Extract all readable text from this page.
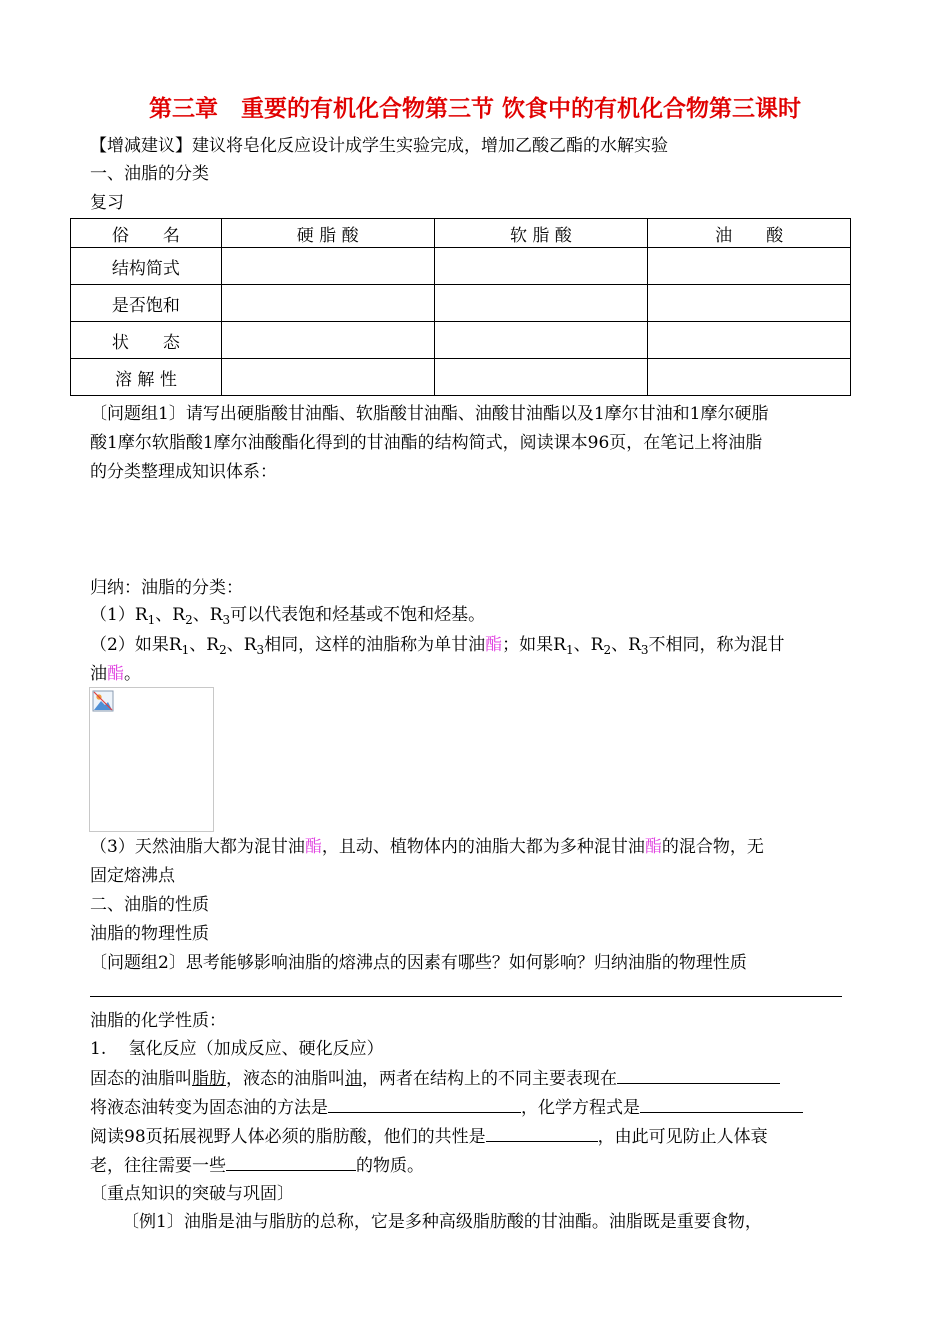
第三章　重要的有机化合物第三节 饮食中的有机化合物第三课时
【增减建议】建议将皂化反应设计成学生实验完成，增加乙酸乙酯的水解实验
一、油脂的分类
复习
俗　　名	硬 脂 酸	软 脂 酸	油　　酸
结构简式			
是否饱和			
状　　态			
溶 解 性			
〔问题组1〕请写出硬脂酸甘油酯、软脂酸甘油酯、油酸甘油酯以及1摩尔甘油和1摩尔硬脂
酸1摩尔软脂酸1摩尔油酸酯化得到的甘油酯的结构简式，阅读课本96页，在笔记上将油脂
的分类整理成知识体系：
归纳：油脂的分类：
$(1)R_1$、$R_2$、$R_3$可以代表饱和烃基或不饱和烃基。
（2）如果$R_1$、$R_2$、$R_3$相同，这样的油脂称为单甘油酯；如果$R_1$、$R_2$、$R_3$不相同，称为混甘
油酯。
（3）天然油脂大都为混甘油酯，且动、植物体内的油脂大都为多种混甘油酯的混合物，无
固定熔沸点
二、油脂的性质
油脂的物理性质
〔问题组2〕思考能够影响油脂的熔沸点的因素有哪些？如何影响？归纳油脂的物理性质
油脂的化学性质：
1.　 氢化反应（加成反应、硬化反应）
固态的油脂叫脂肪，液态的油脂叫油，两者在结构上的不同主要表现在
将液态油转变为固态油的方法是	，化学方程式是
阅读98页拓展视野人体必须的脂肪酸，他们的共性是	，由此可见防止人体衰
老，往往需要一些	的物质。
〔重点知识的突破与巩固〕
〔例1〕油脂是油与脂肪的总称，它是多种高级脂肪酸的甘油酯。油脂既是重要食物，
